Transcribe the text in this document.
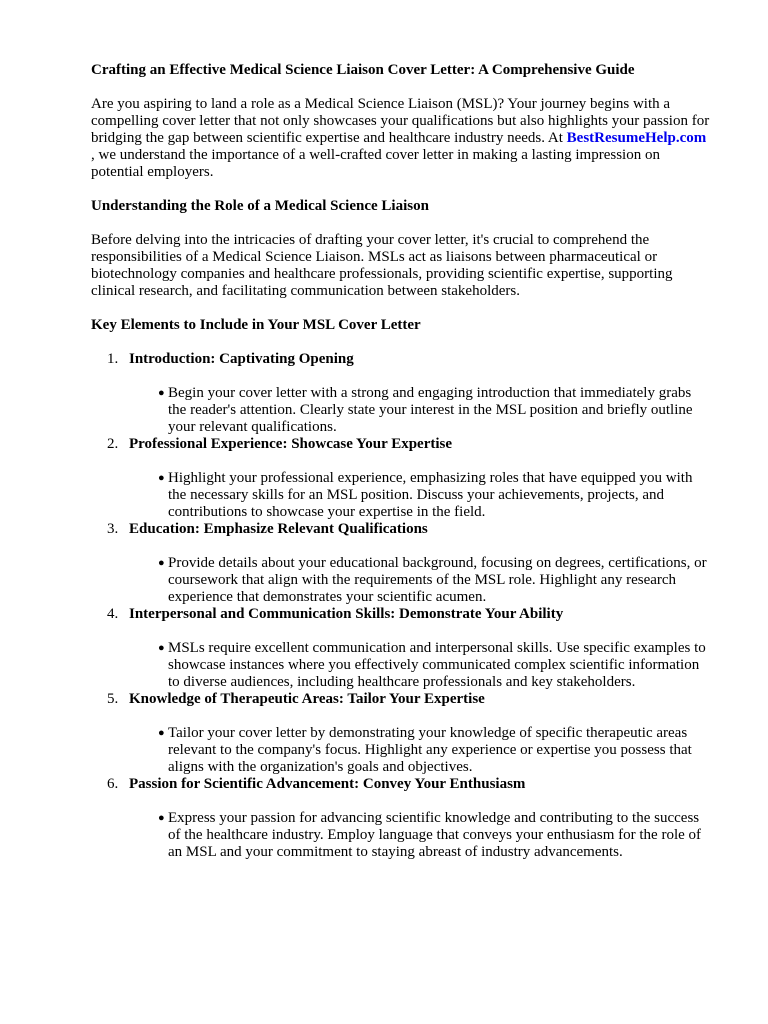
Crafting an Effective Medical Science Liaison Cover Letter: A Comprehensive Guide

Are you aspiring to land a role as a Medical Science Liaison (MSL)? Your journey begins with a compelling cover letter that not only showcases your qualifications but also highlights your passion for bridging the gap between scientific expertise and healthcare industry needs. At BestResumeHelp.com , we understand the importance of a well-crafted cover letter in making a lasting impression on potential employers.

Understanding the Role of a Medical Science Liaison

Before delving into the intricacies of drafting your cover letter, it's crucial to comprehend the responsibilities of a Medical Science Liaison. MSLs act as liaisons between pharmaceutical or biotechnology companies and healthcare professionals, providing scientific expertise, supporting clinical research, and facilitating communication between stakeholders.

Key Elements to Include in Your MSL Cover Letter

1. Introduction: Captivating Opening
● Begin your cover letter with a strong and engaging introduction that immediately grabs the reader's attention. Clearly state your interest in the MSL position and briefly outline your relevant qualifications.
2. Professional Experience: Showcase Your Expertise
● Highlight your professional experience, emphasizing roles that have equipped you with the necessary skills for an MSL position. Discuss your achievements, projects, and contributions to showcase your expertise in the field.
3. Education: Emphasize Relevant Qualifications
● Provide details about your educational background, focusing on degrees, certifications, or coursework that align with the requirements of the MSL role. Highlight any research experience that demonstrates your scientific acumen.
4. Interpersonal and Communication Skills: Demonstrate Your Ability
● MSLs require excellent communication and interpersonal skills. Use specific examples to showcase instances where you effectively communicated complex scientific information to diverse audiences, including healthcare professionals and key stakeholders.
5. Knowledge of Therapeutic Areas: Tailor Your Expertise
● Tailor your cover letter by demonstrating your knowledge of specific therapeutic areas relevant to the company's focus. Highlight any experience or expertise you possess that aligns with the organization's goals and objectives.
6. Passion for Scientific Advancement: Convey Your Enthusiasm
● Express your passion for advancing scientific knowledge and contributing to the success of the healthcare industry. Employ language that conveys your enthusiasm for the role of an MSL and your commitment to staying abreast of industry advancements.
